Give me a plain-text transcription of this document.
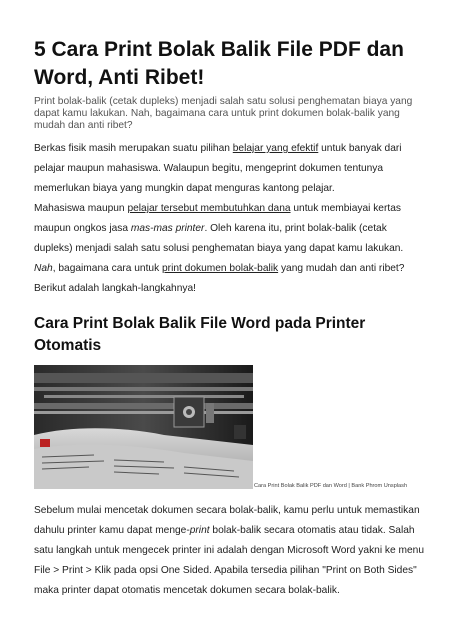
5 Cara Print Bolak Balik File PDF dan Word, Anti Ribet!

Print bolak-balik (cetak dupleks) menjadi salah satu solusi penghematan biaya yang dapat kamu lakukan. Nah, bagaimana cara untuk print dokumen bolak-balik yang mudah dan anti ribet?

Berkas fisik masih merupakan suatu pilihan belajar yang efektif untuk banyak dari pelajar maupun mahasiswa. Walaupun begitu, mengeprint dokumen tentunya memerlukan biaya yang mungkin dapat menguras kantong pelajar.

Mahasiswa maupun pelajar tersebut membutuhkan dana untuk membiayai kertas maupun ongkos jasa mas-mas printer. Oleh karena itu, print bolak-balik (cetak dupleks) menjadi salah satu solusi penghematan biaya yang dapat kamu lakukan.

Nah, bagaimana cara untuk print dokumen bolak-balik yang mudah dan anti ribet?

Berikut adalah langkah-langkahnya!

Cara Print Bolak Balik File Word pada Printer Otomatis
Cara Print Bolak Balik PDF dan Word | Bank Phrom Unsplash

Sebelum mulai mencetak dokumen secara bolak-balik, kamu perlu untuk memastikan dahulu printer kamu dapat menge-print bolak-balik secara otomatis atau tidak. Salah satu langkah untuk mengecek printer ini adalah dengan Microsoft Word yakni ke menu File > Print > Klik pada opsi One Sided. Apabila tersedia pilihan "Print on Both Sides" maka printer dapat otomatis mencetak dokumen secara bolak-balik.
